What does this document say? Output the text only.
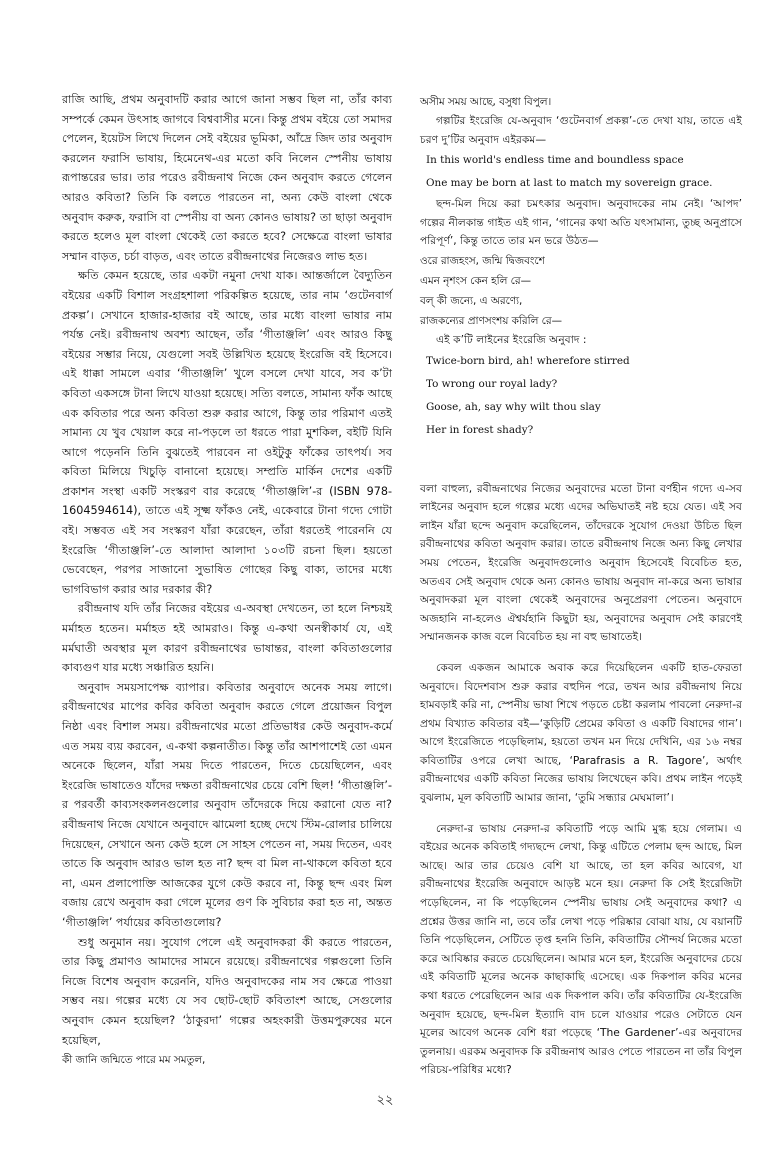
রাজি আছি, প্রথম অনুবাদটি করার আগে জানা সম্ভব ছিল না, তাঁর কাব্য সম্পর্কে কেমন উৎসাহ জাগবে বিশ্ববাসীর মনে। কিন্তু প্রথম বইয়ে তো সমাদর পেলেন, ইয়েটস লিখে দিলেন সেই বইয়ের ভূমিকা, আঁদ্রে জিদ তার অনুবাদ করলেন ফরাসি ভাষায়, হিমেনেথ-এর মতো কবি নিলেন স্পেনীয় ভাষায় রূপান্তরের ভার। তার পরেও রবীন্দ্রনাথ নিজে কেন অনুবাদ করতে গেলেন আরও কবিতা? তিনি কি বলতে পারতেন না, অন্য কেউ বাংলা থেকে অনুবাদ করুক, ফরাসি বা স্পেনীয় বা অন্য কোনও ভাষায়? তা ছাড়া অনুবাদ করতে হলেও মূল বাংলা থেকেই তো করতে হবে? সেক্ষেত্রে বাংলা ভাষার সম্মান বাড়ত, চর্চা বাড়ত, এবং তাতে রবীন্দ্রনাথের নিজেরও লাভ হত।

ক্ষতি কেমন হয়েছে, তার একটা নমুনা দেখা যাক। আন্তর্জালে বৈদ্যুতিন বইয়ের একটি বিশাল সংগ্রহশালা পরিকল্পিত হয়েছে, তার নাম ‘গুটেনবার্গ প্রকল্প’। সেখানে হাজার-হাজার বই আছে, তার মধ্যে বাংলা ভাষার নাম পর্যন্ত নেই। রবীন্দ্রনাথ অবশ্য আছেন, তাঁর ‘গীতাঞ্জলি’ এবং আরও কিছু বইয়ের সম্ভার নিয়ে, যেগুলো সবই উল্লিখিত হয়েছে ইংরেজি বই হিসেবে। এই ধাক্কা সামলে এবার ‘গীতাঞ্জলি’ খুলে বসলে দেখা যাবে, সব ক’টা কবিতা একসঙ্গে টানা লিখে যাওয়া হয়েছে। সত্যি বলতে, সামান্য ফাঁক আছে এক কবিতার পরে অন্য কবিতা শুরু করার আগে, কিন্তু তার পরিমাণ এতই সামান্য যে খুব খেয়াল করে না-পড়লে তা ধরতে পারা মুশকিল, বইটি যিনি আগে পড়েননি তিনি বুঝতেই পারবেন না ওইটুকু ফাঁকের তাৎপর্য। সব কবিতা মিলিয়ে খিচুড়ি বানানো হয়েছে। সম্প্রতি মার্কিন দেশের একটি প্রকাশন সংস্থা একটি সংস্করণ বার করেছে ‘গীতাঞ্জলি’-র (ISBN 978-1604594614), তাতে এই সূক্ষ্ম ফাঁকও নেই, একেবারে টানা গদ্যে গোটা বই। সম্ভবত এই সব সংস্করণ যাঁরা করেছেন, তাঁরা ধরতেই পারেননি যে ইংরেজি ‘গীতাঞ্জলি’-তে আলাদা আলাদা ১০৩টি রচনা ছিল। হয়তো ভেবেছেন, পরপর সাজানো সুভাষিত গোছের কিছু বাক্য, তাদের মধ্যে ভাগবিভাগ করার আর দরকার কী?

রবীন্দ্রনাথ যদি তাঁর নিজের বইয়ের এ-অবস্থা দেখতেন, তা হলে নিশ্চয়ই মর্মাহত হতেন। মর্মাহত হই আমরাও। কিন্তু এ-কথা অনস্বীকার্য যে, এই মর্মঘাতী অবস্থার মূল কারণ রবীন্দ্রনাথের ভাষান্তর, বাংলা কবিতাগুলোর কাব্যগুণ যার মধ্যে সঞ্চারিত হয়নি।

অনুবাদ সময়সাপেক্ষ ব্যাপার। কবিতার অনুবাদে অনেক সময় লাগে। রবীন্দ্রনাথের মাপের কবির কবিতা অনুবাদ করতে গেলে প্রয়োজন বিপুল নিষ্ঠা এবং বিশাল সময়। রবীন্দ্রনাথের মতো প্রতিভাধর কেউ অনুবাদ-কর্মে এত সময় ব্যয় করবেন, এ-কথা কল্পনাতীত। কিন্তু তাঁর আশপাশেই তো এমন অনেকে ছিলেন, যাঁরা সময় দিতে পারতেন, দিতে চেয়েছিলেন, এবং ইংরেজি ভাষাতেও যাঁদের দক্ষতা রবীন্দ্রনাথের চেয়ে বেশি ছিল! ‘গীতাঞ্জলি’-র পরবর্তী কাব্যসংকলনগুলোর অনুবাদ তাঁদেরকে দিয়ে করানো যেত না? রবীন্দ্রনাথ নিজে যেখানে অনুবাদে ঝামেলা হচ্ছে দেখে স্টিম-রোলার চালিয়ে দিয়েছেন, সেখানে অন্য কেউ হলে সে সাহস পেতেন না, সময় দিতেন, এবং তাতে কি অনুবাদ আরও ভাল হত না? ছন্দ বা মিল না-থাকলে কবিতা হবে না, এমন প্রলাপোক্তি আজকের যুগে কেউ করবে না, কিন্তু ছন্দ এবং মিল বজায় রেখে অনুবাদ করা গেলে মূলের গুণ কি সুবিচার করা হত না, অন্তত ‘গীতাঞ্জলি’ পর্যায়ের কবিতাগুলোয়?

শুধু অনুমান নয়। সুযোগ পেলে এই অনুবাদকরা কী করতে পারতেন, তার কিছু প্রমাণও আমাদের সামনে রয়েছে। রবীন্দ্রনাথের গল্পগুলো তিনি নিজে বিশেষ অনুবাদ করেননি, যদিও অনুবাদকের নাম সব ক্ষেত্রে পাওয়া সম্ভব নয়। গল্পের মধ্যে যে সব ছোট-ছোট কবিতাংশ আছে, সেগুলোর অনুবাদ কেমন হয়েছিল? ‘ঠাকুরদা’ গল্পের অহংকারী উত্তমপুরুষের মনে হয়েছিল,

কী জানি জন্মিতে পারে মম সমতুল,

অসীম সময় আছে, বসুধা বিপুল।

গল্পটির ইংরেজি যে-অনুবাদ ‘গুটেনবার্গ প্রকল্প’-তে দেখা যায়, তাতে এই চরণ দু’টির অনুবাদ এইরকম—

In this world's endless time and boundless space

One may be born at last to match my sovereign grace.

ছন্দ-মিল দিয়ে করা চমৎকার অনুবাদ। অনুবাদকের নাম নেই। ‘আপদ’ গল্পের নীলকান্ত গাইত এই গান, ‘গানের কথা অতি যৎসামান্য, তুচ্ছ অনুপ্রাসে পরিপূর্ণ’, কিন্তু তাতে তার মন ভরে উঠত—

ওরে রাজহংস, জন্মি দ্বিজবংশে

এমন নৃশংস কেন হলি রে—

বল্‌ কী জন্যে, এ অরণ্যে,

রাজকন্যের প্রাণসংশয় করিলি রে—

এই ক’টি লাইনের ইংরেজি অনুবাদ :

Twice-born bird, ah! wherefore stirred

To wrong our royal lady?

Goose, ah, say why wilt thou slay

Her in forest shady?

বলা বাহুল্য, রবীন্দ্রনাথের নিজের অনুবাদের মতো টানা বর্ণহীন গদ্যে এ-সব লাইনের অনুবাদ হলে গল্পের মধ্যে এদের অভিঘাতই নষ্ট হয়ে যেত। এই সব লাইন যাঁরা ছন্দে অনুবাদ করেছিলেন, তাঁদেরকে সুযোগ দেওয়া উচিত ছিল রবীন্দ্রনাথের কবিতা অনুবাদ করার। তাতে রবীন্দ্রনাথ নিজে অন্য কিছু লেখার সময় পেতেন, ইংরেজি অনুবাদগুলোও অনুবাদ হিসেবেই বিবেচিত হত, অতএব সেই অনুবাদ থেকে অন্য কোনও ভাষায় অনুবাদ না-করে অন্য ভাষার অনুবাদকরা মূল বাংলা থেকেই অনুবাদের অনুপ্রেরণা পেতেন। অনুবাদে অজহানি না-হলেও ঐশ্বর্যহানি কিছুটা হয়, অনুবাদের অনুবাদ সেই কারণেই সম্মানজনক কাজ বলে বিবেচিত হয় না বহু ভাষাতেই।

কেবল একজন আমাকে অবাক করে দিয়েছিলেন একটি হাত-ফেরতা অনুবাদে। বিদেশবাস শুরু করার বহুদিন পরে, তখন আর রবীন্দ্রনাথ নিয়ে হামবড়াই করি না, স্পেনীয় ভাষা শিখে পড়তে চেষ্টা করলাম পাবলো নেরুদা-র প্রথম বিখ্যাত কবিতার বই—‘কুড়িটি প্রেমের কবিতা ও একটি বিষাদের গান’। আগে ইংরেজিতে পড়েছিলাম, হয়তো তখন মন দিয়ে দেখিনি, এর ১৬ নম্বর কবিতাটির ওপরে লেখা আছে, ‘Parafrasis a R. Tagore’, অর্থাৎ রবীন্দ্রনাথের একটি কবিতা নিজের ভাষায় লিখেছেন কবি। প্রথম লাইন পড়েই বুঝলাম, মূল কবিতাটি আমার জানা, ‘তুমি সন্ধ্যার মেঘমালা’।

নেরুদা-র ভাষায় নেরুদা-র কবিতাটি পড়ে আমি মুগ্ধ হয়ে গেলাম। এ বইয়ের অনেক কবিতাই গদ্যছন্দে লেখা, কিন্তু এটিতে পেলাম ছন্দ আছে, মিল আছে। আর তার চেয়েও বেশি যা আছে, তা হল কবির আবেগ, যা রবীন্দ্রনাথের ইংরেজি অনুবাদে আড়ষ্ট মনে হয়। নেরুদা কি সেই ইংরেজিটা পড়েছিলেন, না কি পড়েছিলেন স্পেনীয় ভাষায় সেই অনুবাদের কথা? এ প্রশ্নের উত্তর জানি না, তবে তাঁর লেখা পড়ে পরিষ্কার বোঝা যায়, যে বয়ানটি তিনি পড়েছিলেন, সেটিতে তৃপ্ত হননি তিনি, কবিতাটির সৌন্দর্য নিজের মতো করে আবিষ্কার করতে চেয়েছিলেন। আমার মনে হল, ইংরেজি অনুবাদের চেয়ে এই কবিতাটি মূলের অনেক কাছাকাছি এসেছে। এক দিকপাল কবির মনের কথা ধরতে পেরেছিলেন আর এক দিকপাল কবি। তাঁর কবিতাটির যে-ইংরেজি অনুবাদ হয়েছে, ছন্দ-মিল ইত্যাদি বাদ চলে যাওয়ার পরেও সেটাতে যেন মূলের আবেগ অনেক বেশি ধরা পড়েছে ‘The Gardener’-এর অনুবাদের তুলনায়। এরকম অনুবাদক কি রবীন্দ্রনাথ আরও পেতে পারতেন না তাঁর বিপুল পরিচয়-পরিধির মধ্যে?

২২
